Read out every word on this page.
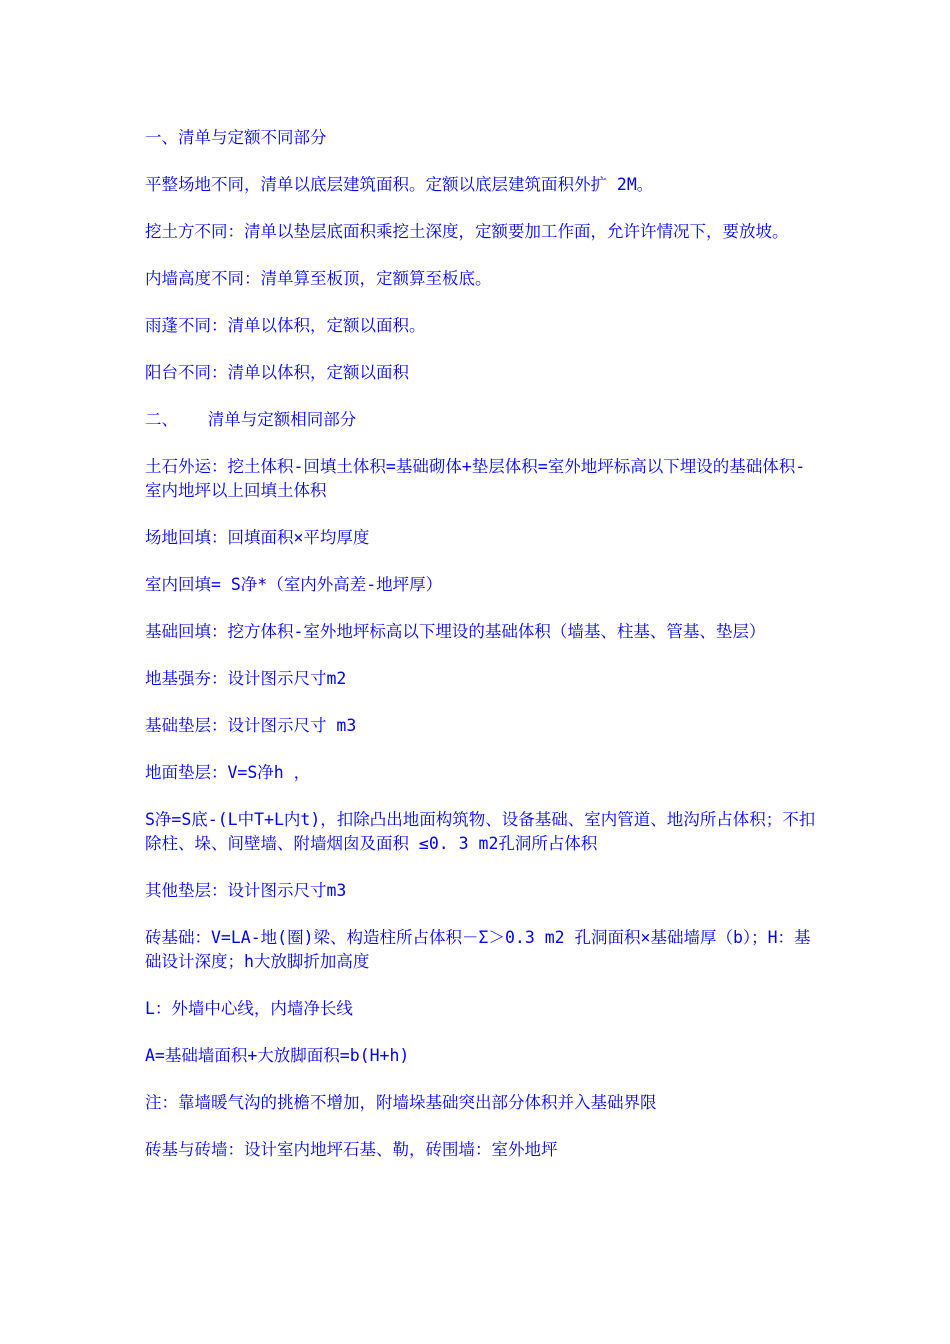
一、清单与定额不同部分

平整场地不同，清单以底层建筑面积。定额以底层建筑面积外扩 2M。

挖土方不同：清单以垫层底面积乘挖土深度，定额要加工作面，允许许情况下，要放坡。

内墙高度不同：清单算至板顶，定额算至板底。

雨蓬不同：清单以体积，定额以面积。

阳台不同：清单以体积，定额以面积

二、   清单与定额相同部分

土石外运：挖土体积-回填土体积=基础砌体+垫层体积=室外地坪标高以下埋设的基础体积-室内地坪以上回填土体积

场地回填：回填面积×平均厚度

室内回填= S净*（室内外高差-地坪厚）

基础回填：挖方体积-室外地坪标高以下埋设的基础体积（墙基、柱基、管基、垫层）

地基强夯：设计图示尺寸m2

基础垫层：设计图示尺寸 m3

地面垫层：V=S净h ，

S净=S底-(L中T+L内t)，扣除凸出地面构筑物、设备基础、室内管道、地沟所占体积；不扣除柱、垛、间壁墙、附墙烟囱及面积 ≤0. 3 m2孔洞所占体积

其他垫层：设计图示尺寸m3

砖基础：V=LA-地(圈)梁、构造柱所占体积－Σ＞0.3 m2 孔洞面积×基础墙厚（b）；H：基础设计深度；h大放脚折加高度

L：外墙中心线，内墙净长线

A=基础墙面积+大放脚面积=b(H+h)

注：靠墙暖气沟的挑檐不增加，附墙垛基础突出部分体积并入基础界限

砖基与砖墙：设计室内地坪石基、勒，砖围墙：室外地坪
